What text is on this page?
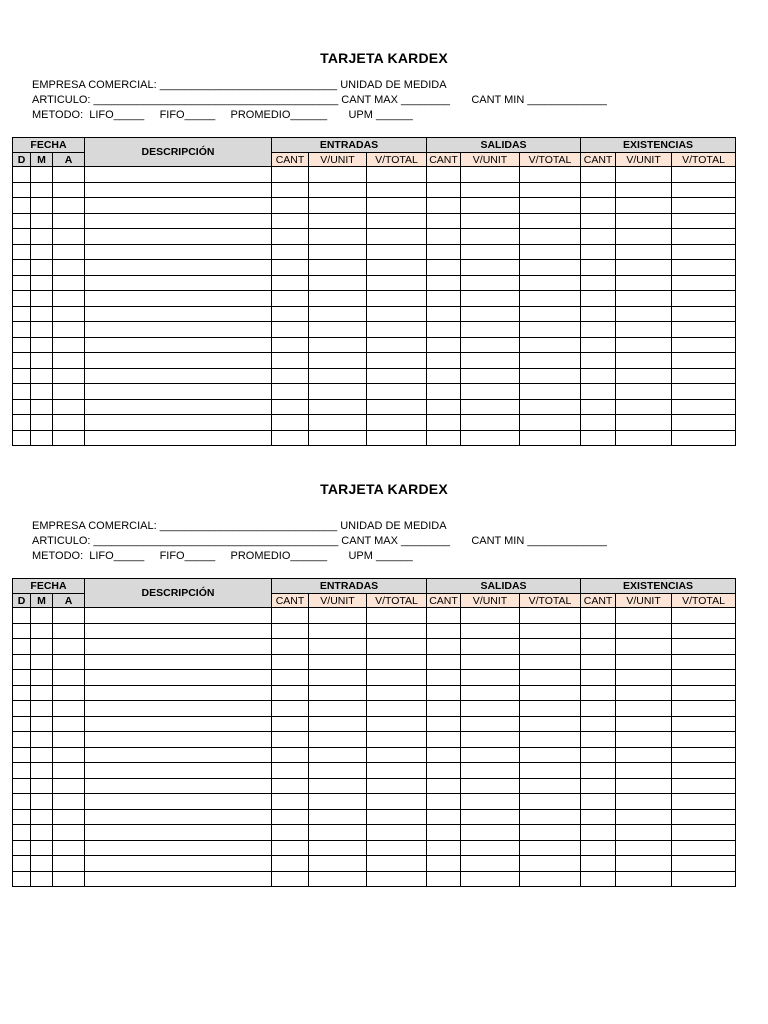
TARJETA KARDEX
EMPRESA COMERCIAL: _____________________________ UNIDAD DE MEDIDA
ARTICULO: ________________________________________ CANT MAX ________       CANT MIN _____________
METODO:  LIFO_____     FIFO_____     PROMEDIO______       UPM ______
FECHA			DESCRIPCIÓN	ENTRADAS			SALIDAS			EXISTENCIAS		
D	M	A		CANT	V/UNIT	V/TOTAL	CANT	V/UNIT	V/TOTAL	CANT	V/UNIT	V/TOTAL

TARJETA KARDEX
EMPRESA COMERCIAL: _____________________________ UNIDAD DE MEDIDA
ARTICULO: ________________________________________ CANT MAX ________       CANT MIN _____________
METODO:  LIFO_____     FIFO_____     PROMEDIO______       UPM ______
FECHA			DESCRIPCIÓN	ENTRADAS			SALIDAS			EXISTENCIAS		
D	M	A		CANT	V/UNIT	V/TOTAL	CANT	V/UNIT	V/TOTAL	CANT	V/UNIT	V/TOTAL
